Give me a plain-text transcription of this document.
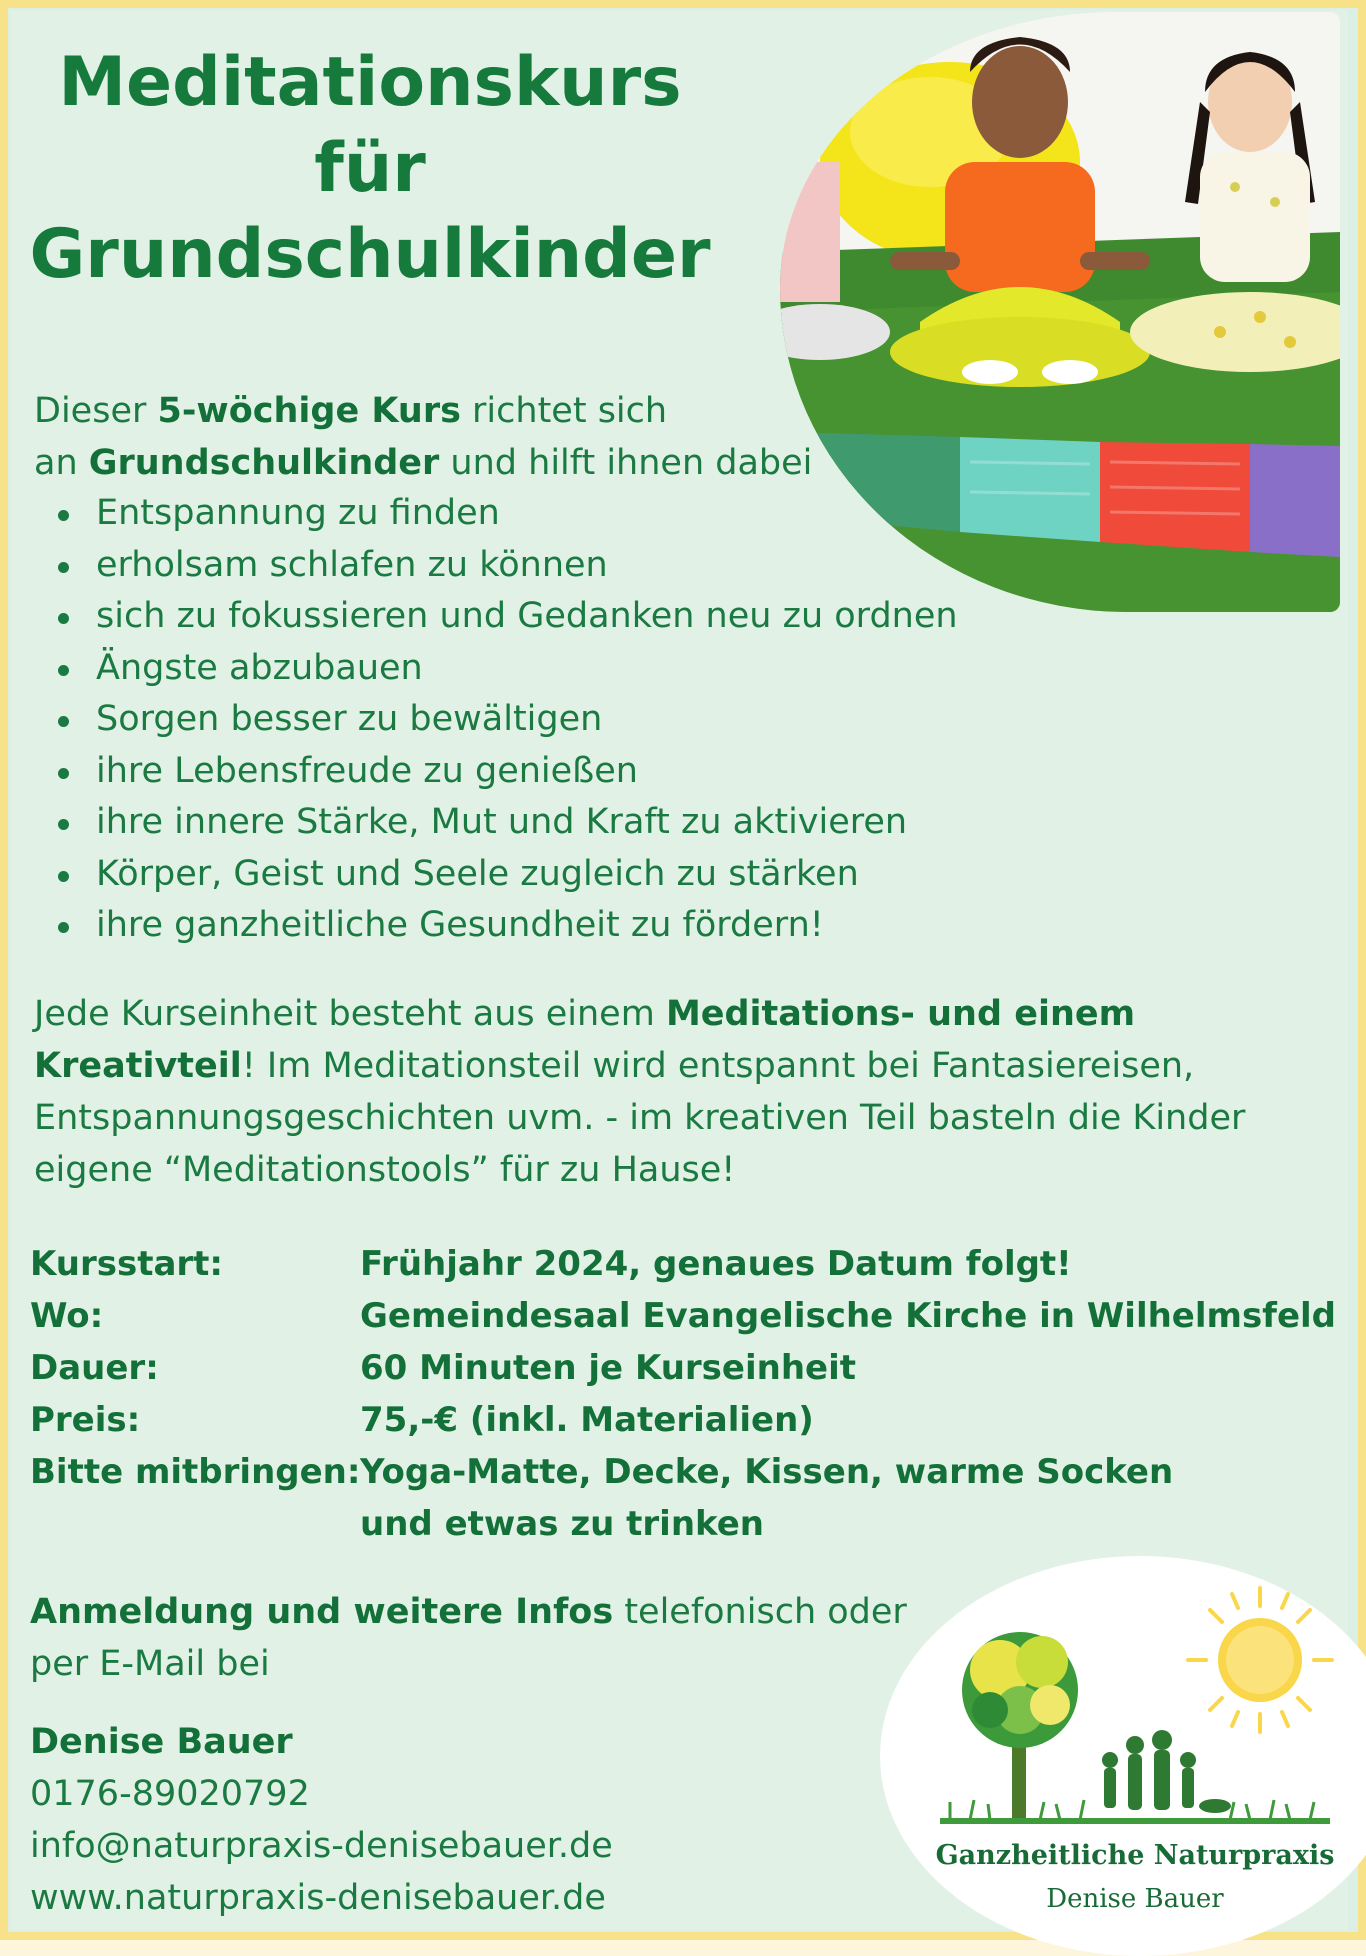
Meditationskurs
für
Grundschulkinder
Dieser 5-wöchige Kurs richtet sich
an Grundschulkinder und hilft ihnen dabei
Entspannung zu finden
erholsam schlafen zu können
sich zu fokussieren und Gedanken neu zu ordnen
Ängste abzubauen
Sorgen besser zu bewältigen
ihre Lebensfreude zu genießen
ihre innere Stärke, Mut und Kraft zu aktivieren
Körper, Geist und Seele zugleich zu stärken
ihre ganzheitliche Gesundheit zu fördern!
Jede Kurseinheit besteht aus einem Meditations- und einem
Kreativteil! Im Meditationsteil wird entspannt bei Fantasiereisen,
Entspannungsgeschichten uvm. - im kreativen Teil basteln die Kinder
eigene “Meditationstools” für zu Hause!
Kursstart:	Frühjahr 2024, genaues Datum folgt!
Wo:	Gemeindesaal Evangelische Kirche in Wilhelmsfeld
Dauer:	60 Minuten je Kurseinheit
Preis:	75,-€ (inkl. Materialien)
Bitte mitbringen: Yoga-Matte, Decke, Kissen, warme Socken
und etwas zu trinken
Anmeldung und weitere Infos telefonisch oder
per E-Mail bei
Denise Bauer
0176-89020792
info@naturpraxis-denisebauer.de
www.naturpraxis-denisebauer.de
Ganzheitliche Naturpraxis
Denise Bauer
